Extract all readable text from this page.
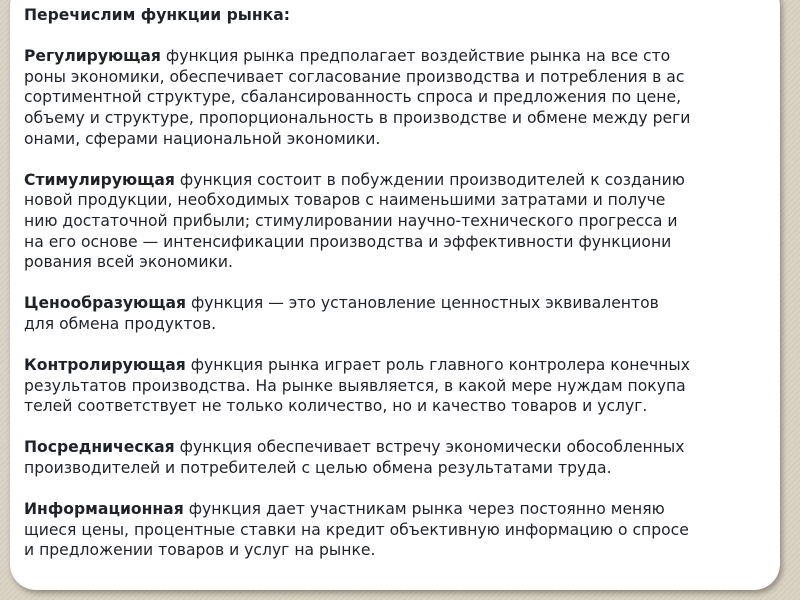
Перечислим функции рынка:

Регулирующая функция рынка предполагает воздействие рынка на все сто
роны экономики, обеспечивает согласование производства и потребления в ас
сортиментной структуре, сбалансированность спроса и предложения по цене,
объему и структуре, пропорциональность в производстве и обмене между реги
онами, сферами национальной экономики.

Стимулирующая функция состоит в побуждении производителей к созданию
новой продукции, необходимых товаров с наименьшими затратами и получе
нию достаточной прибыли; стимулировании научно-технического прогресса и
на его основе — интенсификации производства и эффективности функциони
рования всей экономики.

Ценообразующая функция — это установление ценностных эквивалентов
для обмена продуктов.

Контролирующая функция рынка играет роль главного контролера конечных
результатов производства. На рынке выявляется, в какой мере нуждам покупа
телей соответствует не только количество, но и качество товаров и услуг.

Посредническая функция обеспечивает встречу экономически обособленных
производителей и потребителей с целью обмена результатами труда.

Информационная функция дает участникам рынка через постоянно меняю
щиеся цены, процентные ставки на кредит объективную информацию о спросе
и предложении товаров и услуг на рынке.
